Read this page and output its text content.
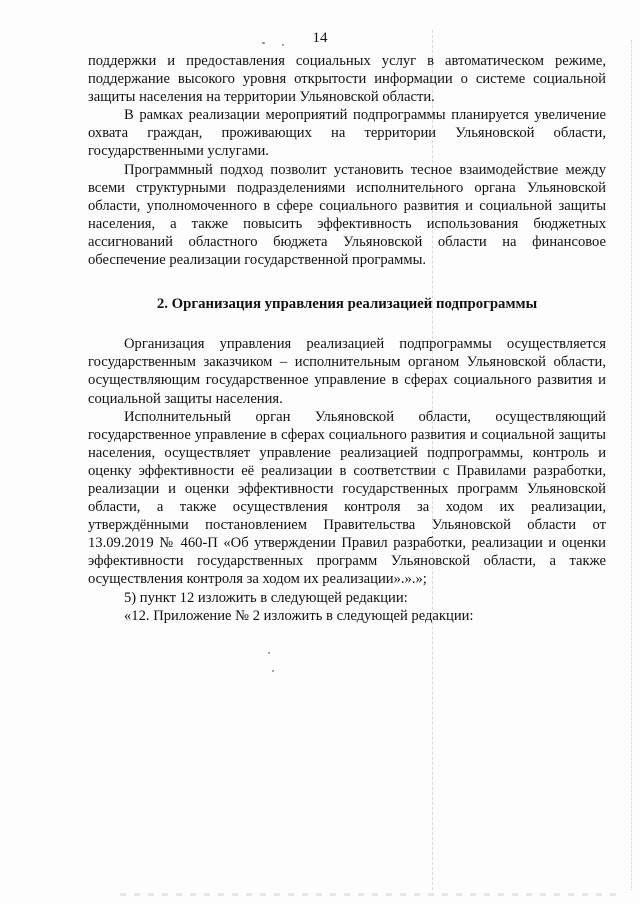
14

поддержки и предоставления социальных услуг в автоматическом режиме, поддержание высокого уровня открытости информации о системе социальной защиты населения на территории Ульяновской области.

В рамках реализации мероприятий подпрограммы планируется увеличение охвата граждан, проживающих на территории Ульяновской области, государственными услугами.

Программный подход позволит установить тесное взаимодействие между всеми структурными подразделениями исполнительного органа Ульяновской области, уполномоченного в сфере социального развития и социальной защиты населения, а также повысить эффективность использования бюджетных ассигнований областного бюджета Ульяновской области на финансовое обеспечение реализации государственной программы.

2. Организация управления реализацией подпрограммы

Организация управления реализацией подпрограммы осуществляется государственным заказчиком – исполнительным органом Ульяновской области, осуществляющим государственное управление в сферах социального развития и социальной защиты населения.

Исполнительный орган Ульяновской области, осуществляющий государственное управление в сферах социального развития и социальной защиты населения, осуществляет управление реализацией подпрограммы, контроль и оценку эффективности её реализации в соответствии с Правилами разработки, реализации и оценки эффективности государственных программ Ульяновской области, а также осуществления контроля за ходом их реализации, утверждёнными постановлением Правительства Ульяновской области от 13.09.2019 № 460-П «Об утверждении Правил разработки, реализации и оценки эффективности государственных программ Ульяновской области, а также осуществления контроля за ходом их реализации».».»;

5) пункт 12 изложить в следующей редакции:

«12. Приложение № 2 изложить в следующей редакции:
